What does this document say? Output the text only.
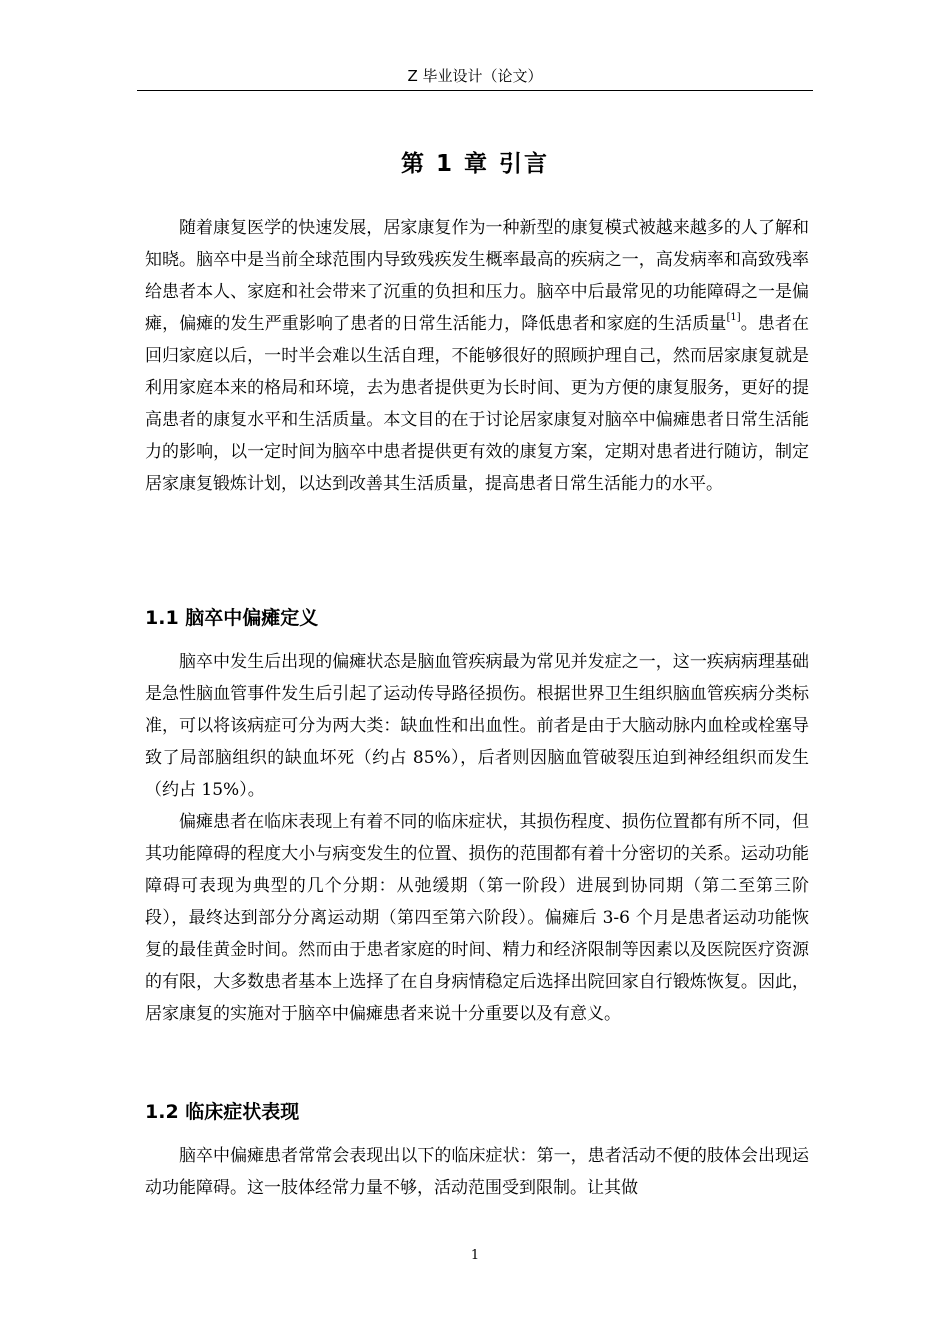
Z 毕业设计（论文）
第 1 章 引言

随着康复医学的快速发展，居家康复作为一种新型的康复模式被越来越多的人了解和知晓。脑卒中是当前全球范围内导致残疾发生概率最高的疾病之一，高发病率和高致残率给患者本人、家庭和社会带来了沉重的负担和压力。脑卒中后最常见的功能障碍之一是偏瘫，偏瘫的发生严重影响了患者的日常生活能力，降低患者和家庭的生活质量[1]。患者在回归家庭以后，一时半会难以生活自理，不能够很好的照顾护理自己，然而居家康复就是利用家庭本来的格局和环境，去为患者提供更为长时间、更为方便的康复服务，更好的提高患者的康复水平和生活质量。本文目的在于讨论居家康复对脑卒中偏瘫患者日常生活能力的影响，以一定时间为脑卒中患者提供更有效的康复方案，定期对患者进行随访，制定居家康复锻炼计划，以达到改善其生活质量，提高患者日常生活能力的水平。

1.1 脑卒中偏瘫定义

脑卒中发生后出现的偏瘫状态是脑血管疾病最为常见并发症之一，这一疾病病理基础是急性脑血管事件发生后引起了运动传导路径损伤。根据世界卫生组织脑血管疾病分类标准，可以将该病症可分为两大类：缺血性和出血性。前者是由于大脑动脉内血栓或栓塞导致了局部脑组织的缺血坏死（约占 85%），后者则因脑血管破裂压迫到神经组织而发生（约占 15%）。

偏瘫患者在临床表现上有着不同的临床症状，其损伤程度、损伤位置都有所不同，但其功能障碍的程度大小与病变发生的位置、损伤的范围都有着十分密切的关系。运动功能障碍可表现为典型的几个分期：从弛缓期（第一阶段）进展到协同期（第二至第三阶段），最终达到部分分离运动期（第四至第六阶段）。偏瘫后 3-6 个月是患者运动功能恢复的最佳黄金时间。然而由于患者家庭的时间、精力和经济限制等因素以及医院医疗资源的有限，大多数患者基本上选择了在自身病情稳定后选择出院回家自行锻炼恢复。因此，居家康复的实施对于脑卒中偏瘫患者来说十分重要以及有意义。

1.2 临床症状表现

脑卒中偏瘫患者常常会表现出以下的临床症状：第一，患者活动不便的肢体会出现运动功能障碍。这一肢体经常力量不够，活动范围受到限制。让其做

1
